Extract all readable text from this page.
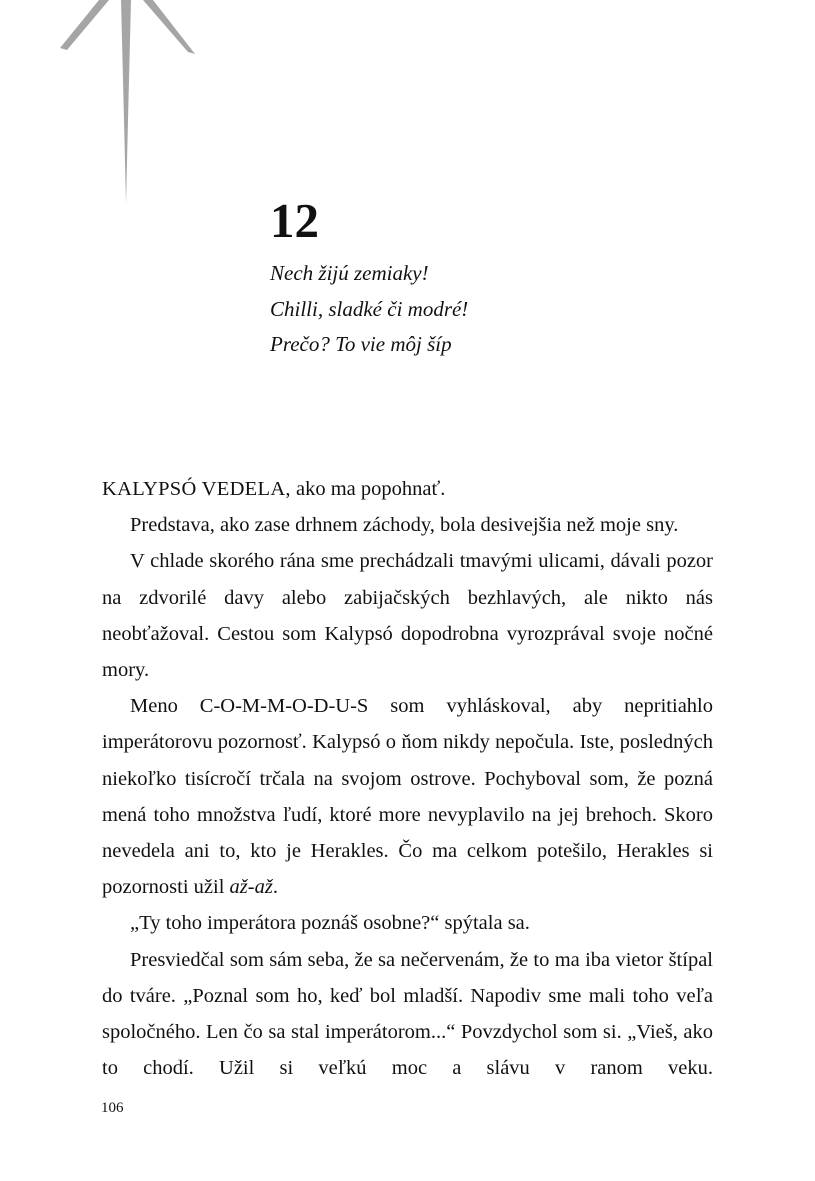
12
Nech žijú zemiaky!
Chilli, sladké či modré!
Prečo? To vie môj šíp

KALYPSÓ VEDELA, ako ma popohnať.

Predstava, ako zase drhnem záchody, bola desivejšia než moje sny.

V chlade skorého rána sme prechádzali tmavými ulicami, dávali pozor na zdvorilé davy alebo zabijačských bezhlavých, ale nikto nás neobťažoval. Cestou som Kalypsó dopodrobna vyrozprával svoje nočné mory.

Meno C-O-M-M-O-D-U-S som vyhláskoval, aby nepritiahlo imperátorovu pozornosť. Kalypsó o ňom nikdy nepočula. Iste, posledných niekoľko tisícročí trčala na svojom ostrove. Pochyboval som, že pozná mená toho množstva ľudí, ktoré more nevyplavilo na jej brehoch. Skoro nevedela ani to, kto je Herakles. Čo ma celkom potešilo, Herakles si pozornosti užil až-až.

„Ty toho imperátora poznáš osobne?“ spýtala sa.

Presviedčal som sám seba, že sa nečervenám, že to ma iba vietor štípal do tváre. „Poznal som ho, keď bol mladší. Napodiv sme mali toho veľa spoločného. Len čo sa stal imperátorom...“ Povzdychol som si. „Vieš, ako to chodí. Užil si veľkú moc a slávu v ranom veku.

106
